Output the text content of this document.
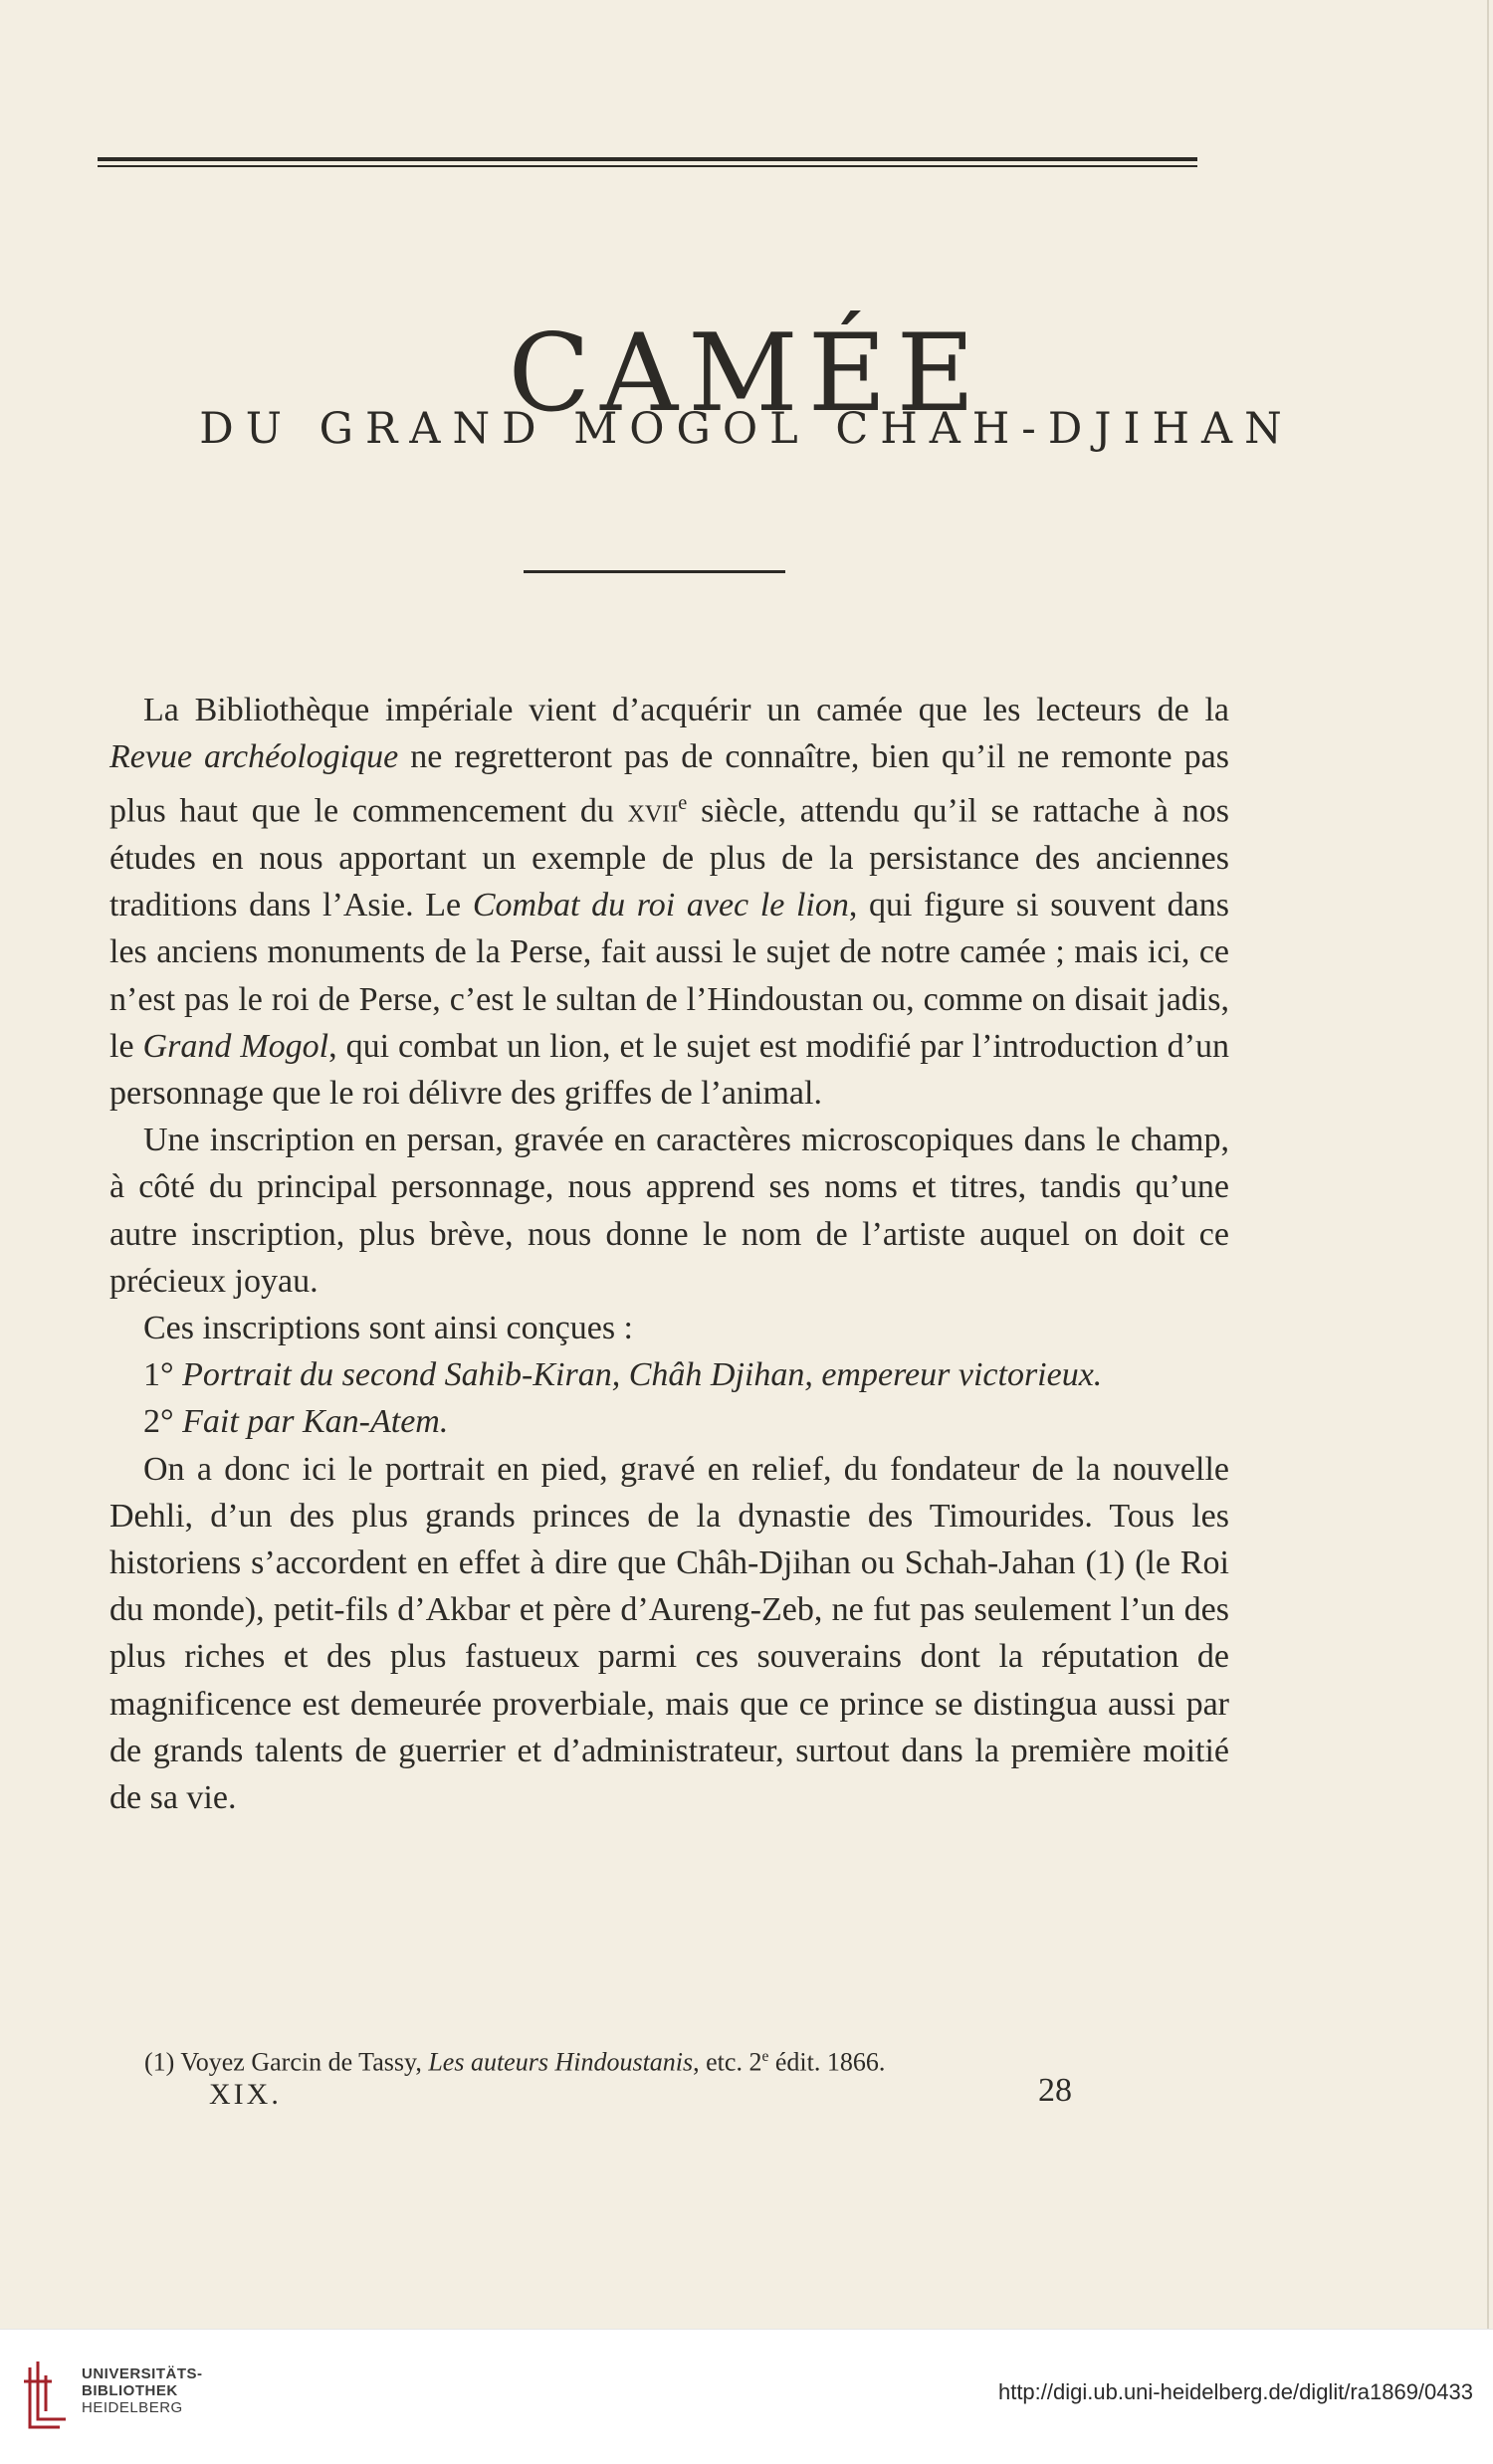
CAMÉE
DU GRAND MOGOL CHAH-DJIHAN

La Bibliothèque impériale vient d’acquérir un camée que les lecteurs de la Revue archéologique ne regretteront pas de connaître, bien qu’il ne remonte pas plus haut que le commencement du xvii$^e$ siècle, attendu qu’il se rattache à nos études en nous apportant un exemple de plus de la persistance des anciennes traditions dans l’Asie. Le Combat du roi avec le lion, qui figure si souvent dans les anciens monuments de la Perse, fait aussi le sujet de notre camée ; mais ici, ce n’est pas le roi de Perse, c’est le sultan de l’Hindoustan ou, comme on disait jadis, le Grand Mogol, qui combat un lion, et le sujet est modifié par l’introduction d’un personnage que le roi délivre des griffes de l’animal.

Une inscription en persan, gravée en caractères microscopiques dans le champ, à côté du principal personnage, nous apprend ses noms et titres, tandis qu’une autre inscription, plus brève, nous donne le nom de l’artiste auquel on doit ce précieux joyau.

Ces inscriptions sont ainsi conçues :

1° Portrait du second Sahib-Kiran, Châh Djihan, empereur victorieux.

2° Fait par Kan-Atem.

On a donc ici le portrait en pied, gravé en relief, du fondateur de la nouvelle Dehli, d’un des plus grands princes de la dynastie des Timourides. Tous les historiens s’accordent en effet à dire que Châh-Djihan ou Schah-Jahan (1) (le Roi du monde), petit-fils d’Akbar et père d’Aureng-Zeb, ne fut pas seulement l’un des plus riches et des plus fastueux parmi ces souverains dont la réputation de magnificence est demeurée proverbiale, mais que ce prince se distingua aussi par de grands talents de guerrier et d’administrateur, surtout dans la première moitié de sa vie.

(1) Voyez Garcin de Tassy, Les auteurs Hindoustanis, etc. 2e édit. 1866.
XIX.	28
UNIVERSITÄTS-
BIBLIOTHEK
HEIDELBERG
http://digi.ub.uni-heidelberg.de/diglit/ra1869/0433
